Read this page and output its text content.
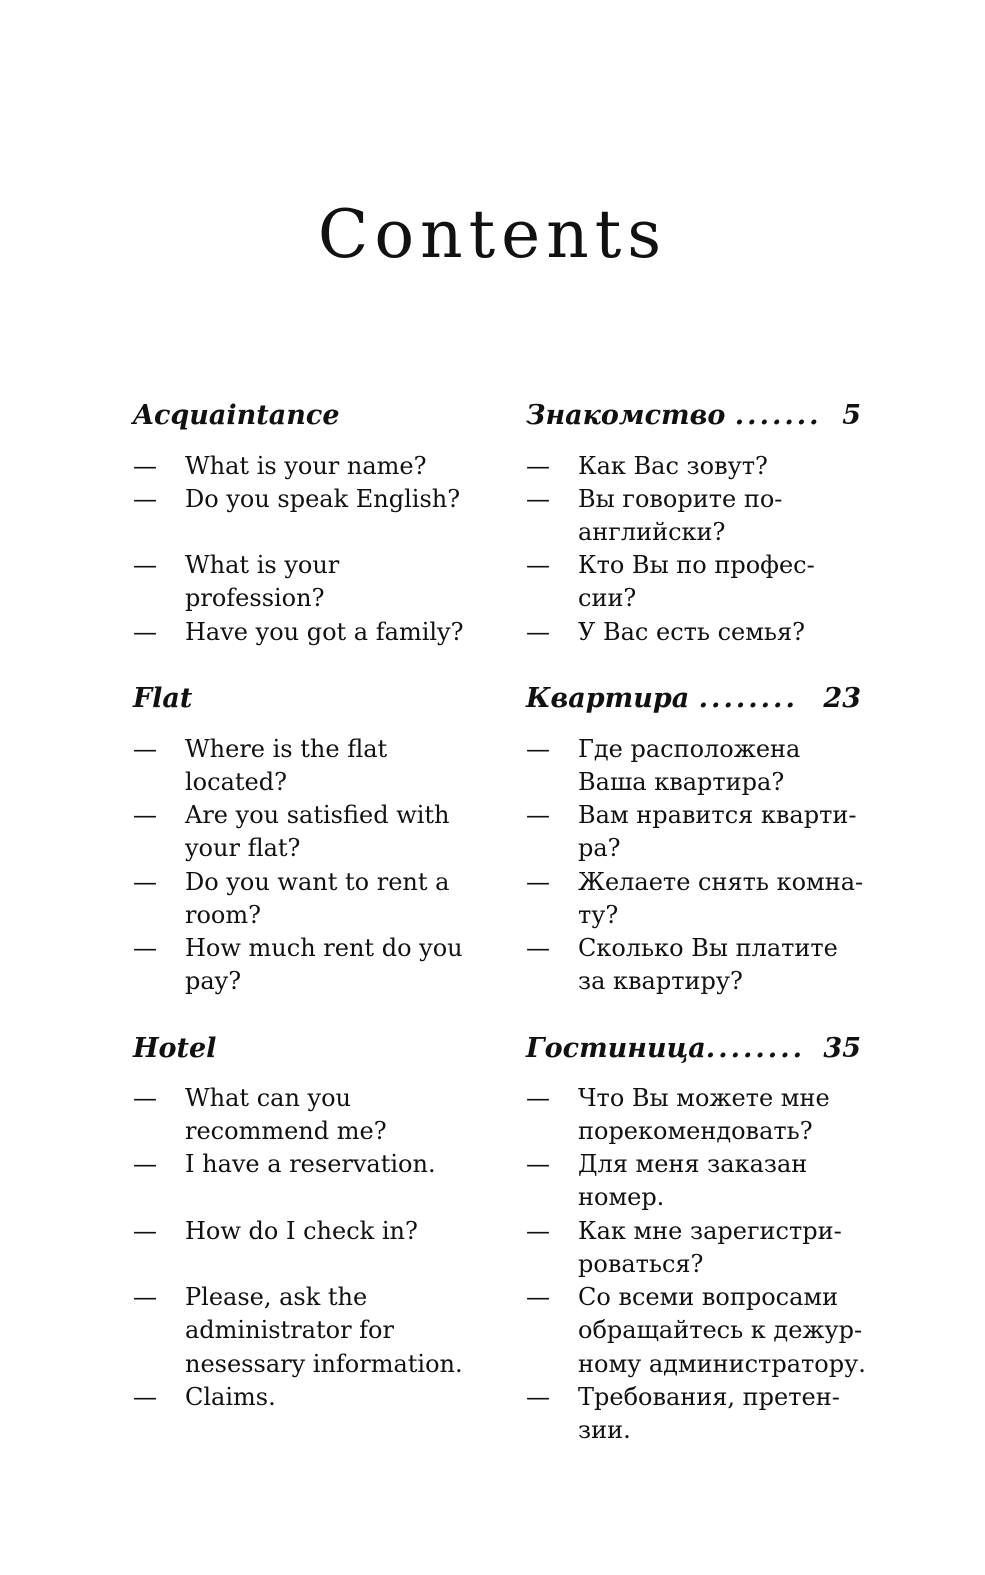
Contents
Acquaintance
— What is your name?
— Do you speak English?
— What is your
profession?
— Have you got a family?
Flat
— Where is the flat
located?
— Are you satisfied with
your flat?
— Do you want to rent a
room?
— How much rent do you
pay?
Hotel
— What can you
recommend me?
— I have a reservation.
— How do I check in?
— Please, ask the
administrator for
nesessary information.
— Claims.
Знакомство ....... 5
— Как Вас зовут?
— Вы говорите по-
английски?
— Кто Вы по профес-
сии?
— У Вас есть семья?
Квартира ........ 23
— Где расположена
Ваша квартира?
— Вам нравится кварти-
ра?
— Желаете снять комна-
ту?
— Сколько Вы платите
за квартиру?
Гостиница........ 35
— Что Вы можете мне
порекомендовать?
— Для меня заказан
номер.
— Как мне зарегистри-
роваться?
— Со всеми вопросами
обращайтесь к дежур-
ному администратору.
— Требования, претен-
зии.
